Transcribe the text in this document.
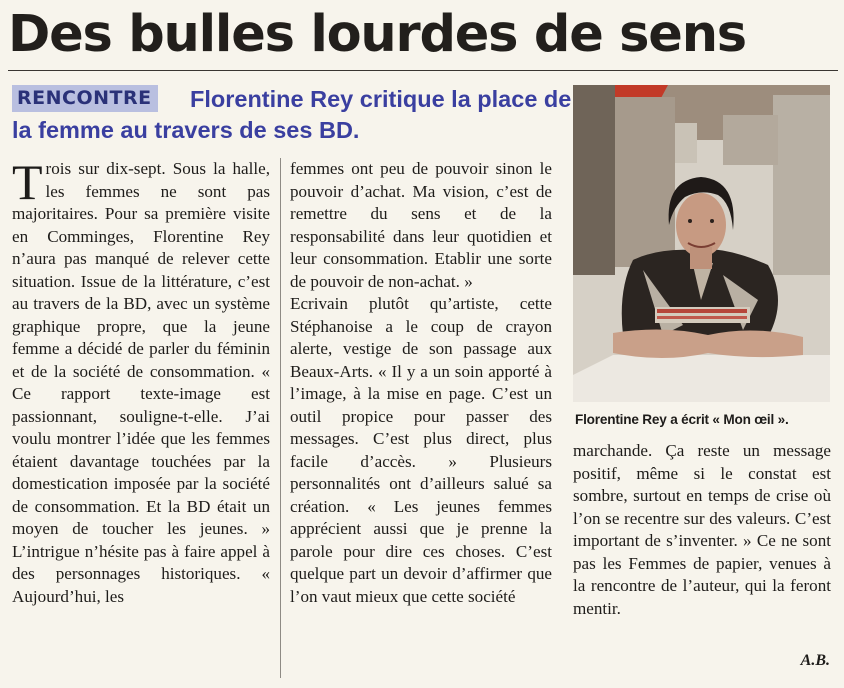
Des bulles lourdes de sens
Florentine Rey critique la place de la femme au travers de ses BD.
RENCONTRE

Trois sur dix-sept. Sous la halle, les femmes ne sont pas majoritaires. Pour sa première visite en Comminges, Florentine Rey n’aura pas manqué de relever cette situation. Issue de la littérature, c’est au travers de la BD, avec un système graphique propre, que la jeune femme a décidé de parler du féminin et de la société de consommation. « Ce rapport texte-image est passionnant, souligne-t-elle. J’ai voulu montrer l’idée que les femmes étaient davantage touchées par la domestication imposée par la société de consommation. Et la BD était un moyen de toucher les jeunes. » L’intrigue n’hésite pas à faire appel à des personnages historiques. « Aujourd’hui, les

femmes ont peu de pouvoir sinon le pouvoir d’achat. Ma vision, c’est de remettre du sens et de la responsabilité dans leur quotidien et leur consommation. Etablir une sorte de pouvoir de non-achat. »

Ecrivain plutôt qu’artiste, cette Stéphanoise a le coup de crayon alerte, vestige de son passage aux Beaux-Arts. « Il y a un soin apporté à l’image, à la mise en page. C’est un outil propice pour passer des messages. C’est plus direct, plus facile d’accès. » Plusieurs personnalités ont d’ailleurs salué sa création. « Les jeunes femmes apprécient aussi que je prenne la parole pour dire ces choses. C’est quelque part un devoir d’affirmer que l’on vaut mieux que cette société

Florentine Rey a écrit « Mon œil ».

marchande. Ça reste un message positif, même si le constat est sombre, surtout en temps de crise où l’on se recentre sur des valeurs. C’est important de s’inventer. » Ce ne sont pas les Femmes de papier, venues à la rencontre de l’auteur, qui la feront mentir.

A.B.
